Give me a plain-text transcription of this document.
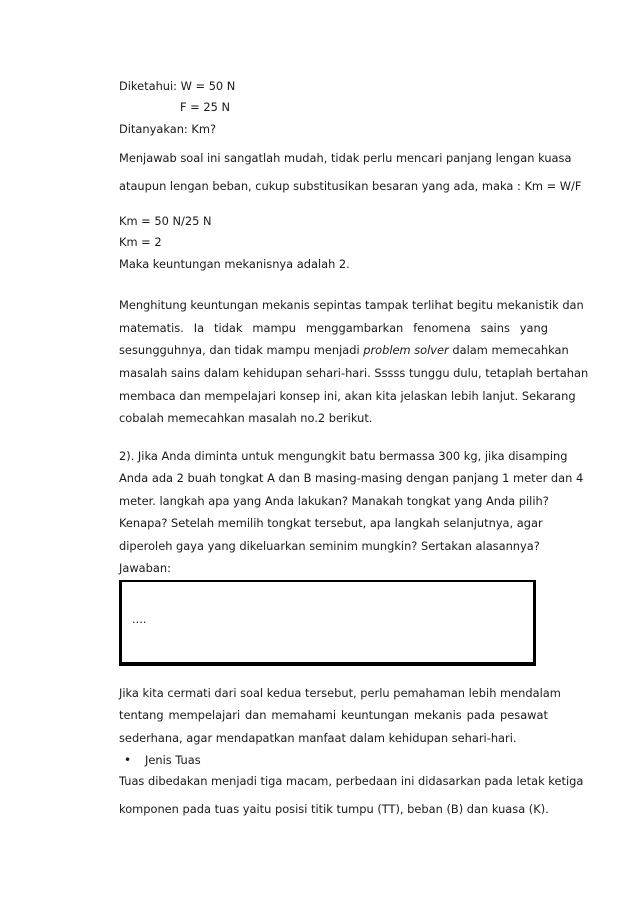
Diketahui: W = 50 N
F = 25 N
Ditanyakan: Km?
Menjawab soal ini sangatlah mudah, tidak perlu mencari panjang lengan kuasa
ataupun lengan beban, cukup substitusikan besaran yang ada, maka : Km = W/F
Km = 50 N/25 N
Km = 2
Maka keuntungan mekanisnya adalah 2.
Menghitung keuntungan mekanis sepintas tampak terlihat begitu mekanistik dan
matematis. Ia tidak mampu menggambarkan fenomena sains yang
sesungguhnya, dan tidak mampu menjadi problem solver dalam memecahkan
masalah sains dalam kehidupan sehari-hari. Sssss tunggu dulu, tetaplah bertahan
membaca dan mempelajari konsep ini, akan kita jelaskan lebih lanjut. Sekarang
cobalah memecahkan masalah no.2 berikut.
2). Jika Anda diminta untuk mengungkit batu bermassa 300 kg, jika disamping
Anda ada 2 buah tongkat A dan B masing-masing dengan panjang 1 meter dan 4
meter. langkah apa yang Anda lakukan? Manakah tongkat yang Anda pilih?
Kenapa? Setelah memilih tongkat tersebut, apa langkah selanjutnya, agar
diperoleh gaya yang dikeluarkan seminim mungkin? Sertakan alasannya?
Jawaban:
....
Jika kita cermati dari soal kedua tersebut, perlu pemahaman lebih mendalam
tentang mempelajari dan memahami keuntungan mekanis pada pesawat
sederhana, agar mendapatkan manfaat dalam kehidupan sehari-hari.
• Jenis Tuas
Tuas dibedakan menjadi tiga macam, perbedaan ini didasarkan pada letak ketiga
komponen pada tuas yaitu posisi titik tumpu (TT), beban (B) dan kuasa (K).
